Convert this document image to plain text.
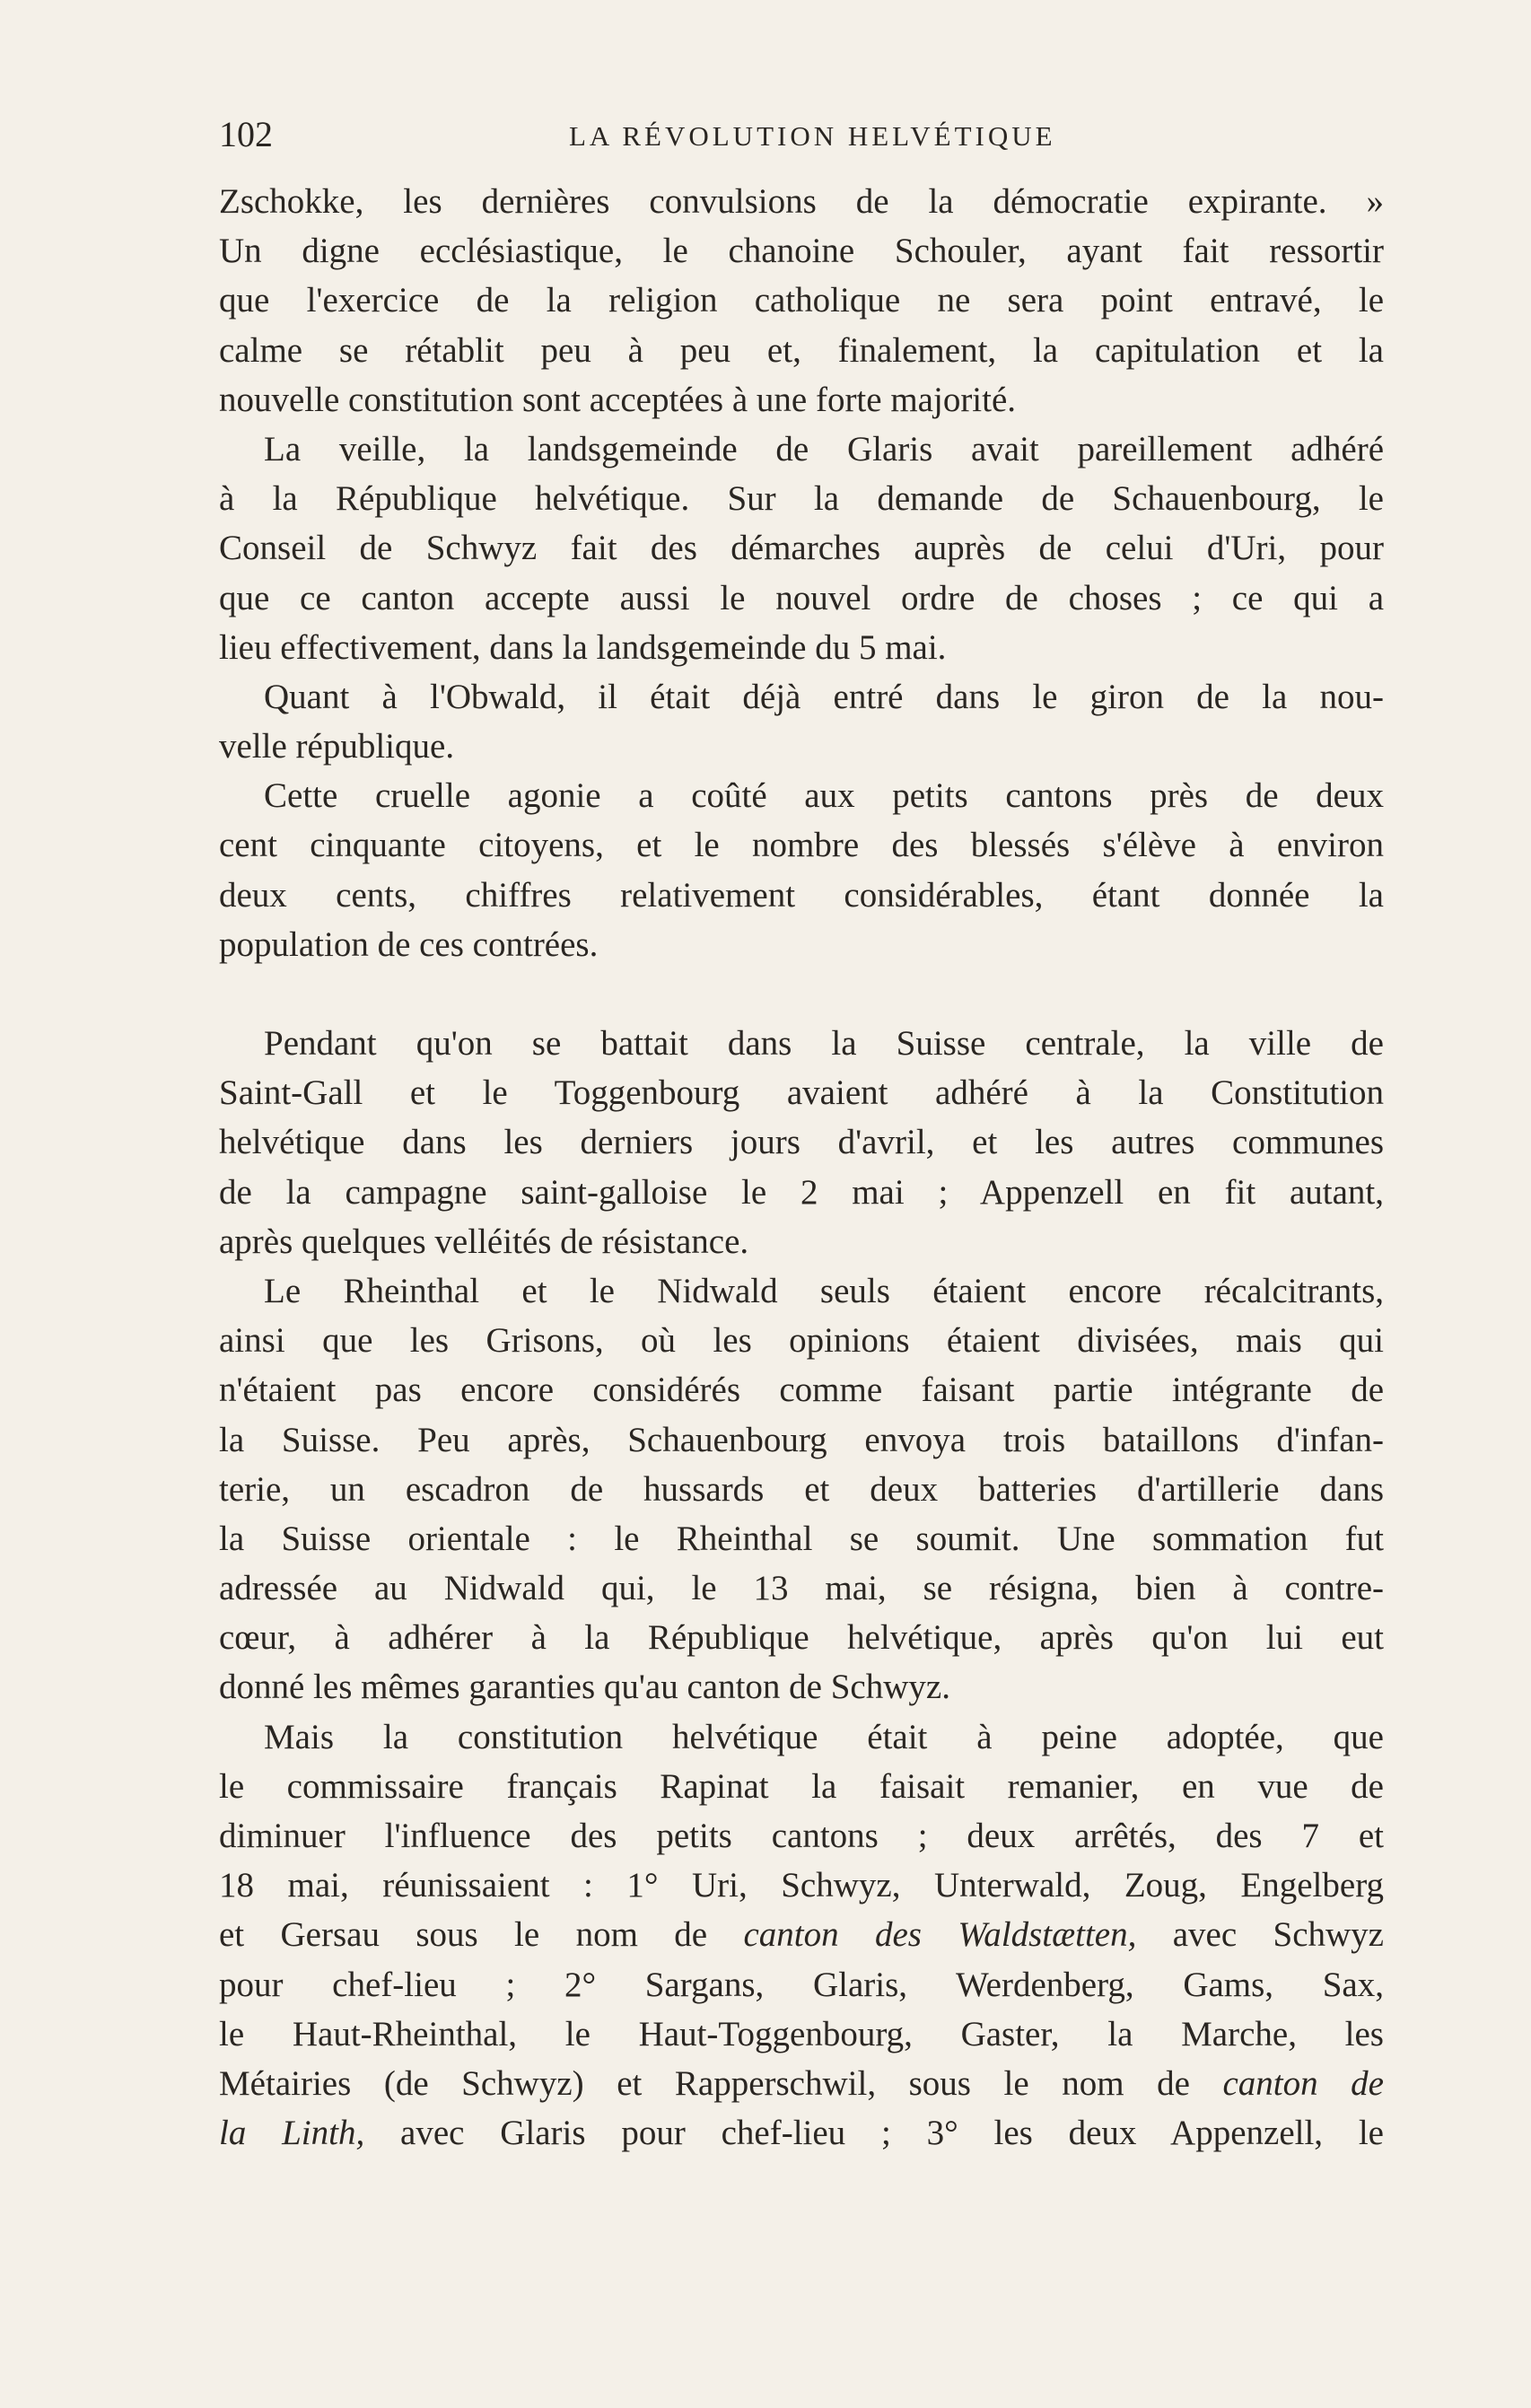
102	LA RÉVOLUTION HELVÉTIQUE
Zschokke, les dernières convulsions de la démocratie expirante. »
Un digne ecclésiastique, le chanoine Schouler, ayant fait ressortir
que l'exercice de la religion catholique ne sera point entravé, le
calme se rétablit peu à peu et, finalement, la capitulation et la
nouvelle constitution sont acceptées à une forte majorité.
La veille, la landsgemeinde de Glaris avait pareillement adhéré
à la République helvétique. Sur la demande de Schauenbourg, le
Conseil de Schwyz fait des démarches auprès de celui d'Uri, pour
que ce canton accepte aussi le nouvel ordre de choses ; ce qui a
lieu effectivement, dans la landsgemeinde du 5 mai.
Quant à l'Obwald, il était déjà entré dans le giron de la nou-
velle république.
Cette cruelle agonie a coûté aux petits cantons près de deux
cent cinquante citoyens, et le nombre des blessés s'élève à environ
deux cents, chiffres relativement considérables, étant donnée la
population de ces contrées.
Pendant qu'on se battait dans la Suisse centrale, la ville de
Saint-Gall et le Toggenbourg avaient adhéré à la Constitution
helvétique dans les derniers jours d'avril, et les autres communes
de la campagne saint-galloise le 2 mai ; Appenzell en fit autant,
après quelques velléités de résistance.
Le Rheinthal et le Nidwald seuls étaient encore récalcitrants,
ainsi que les Grisons, où les opinions étaient divisées, mais qui
n'étaient pas encore considérés comme faisant partie intégrante de
la Suisse. Peu après, Schauenbourg envoya trois bataillons d'infan-
terie, un escadron de hussards et deux batteries d'artillerie dans
la Suisse orientale : le Rheinthal se soumit. Une sommation fut
adressée au Nidwald qui, le 13 mai, se résigna, bien à contre-
cœur, à adhérer à la République helvétique, après qu'on lui eut
donné les mêmes garanties qu'au canton de Schwyz.
Mais la constitution helvétique était à peine adoptée, que
le commissaire français Rapinat la faisait remanier, en vue de
diminuer l'influence des petits cantons ; deux arrêtés, des 7 et
18 mai, réunissaient : 1° Uri, Schwyz, Unterwald, Zoug, Engelberg
et Gersau sous le nom de canton des Waldstætten, avec Schwyz
pour chef-lieu ; 2° Sargans, Glaris, Werdenberg, Gams, Sax,
le Haut-Rheinthal, le Haut-Toggenbourg, Gaster, la Marche, les
Métairies (de Schwyz) et Rapperschwil, sous le nom de canton de
la Linth, avec Glaris pour chef-lieu ; 3° les deux Appenzell, le
